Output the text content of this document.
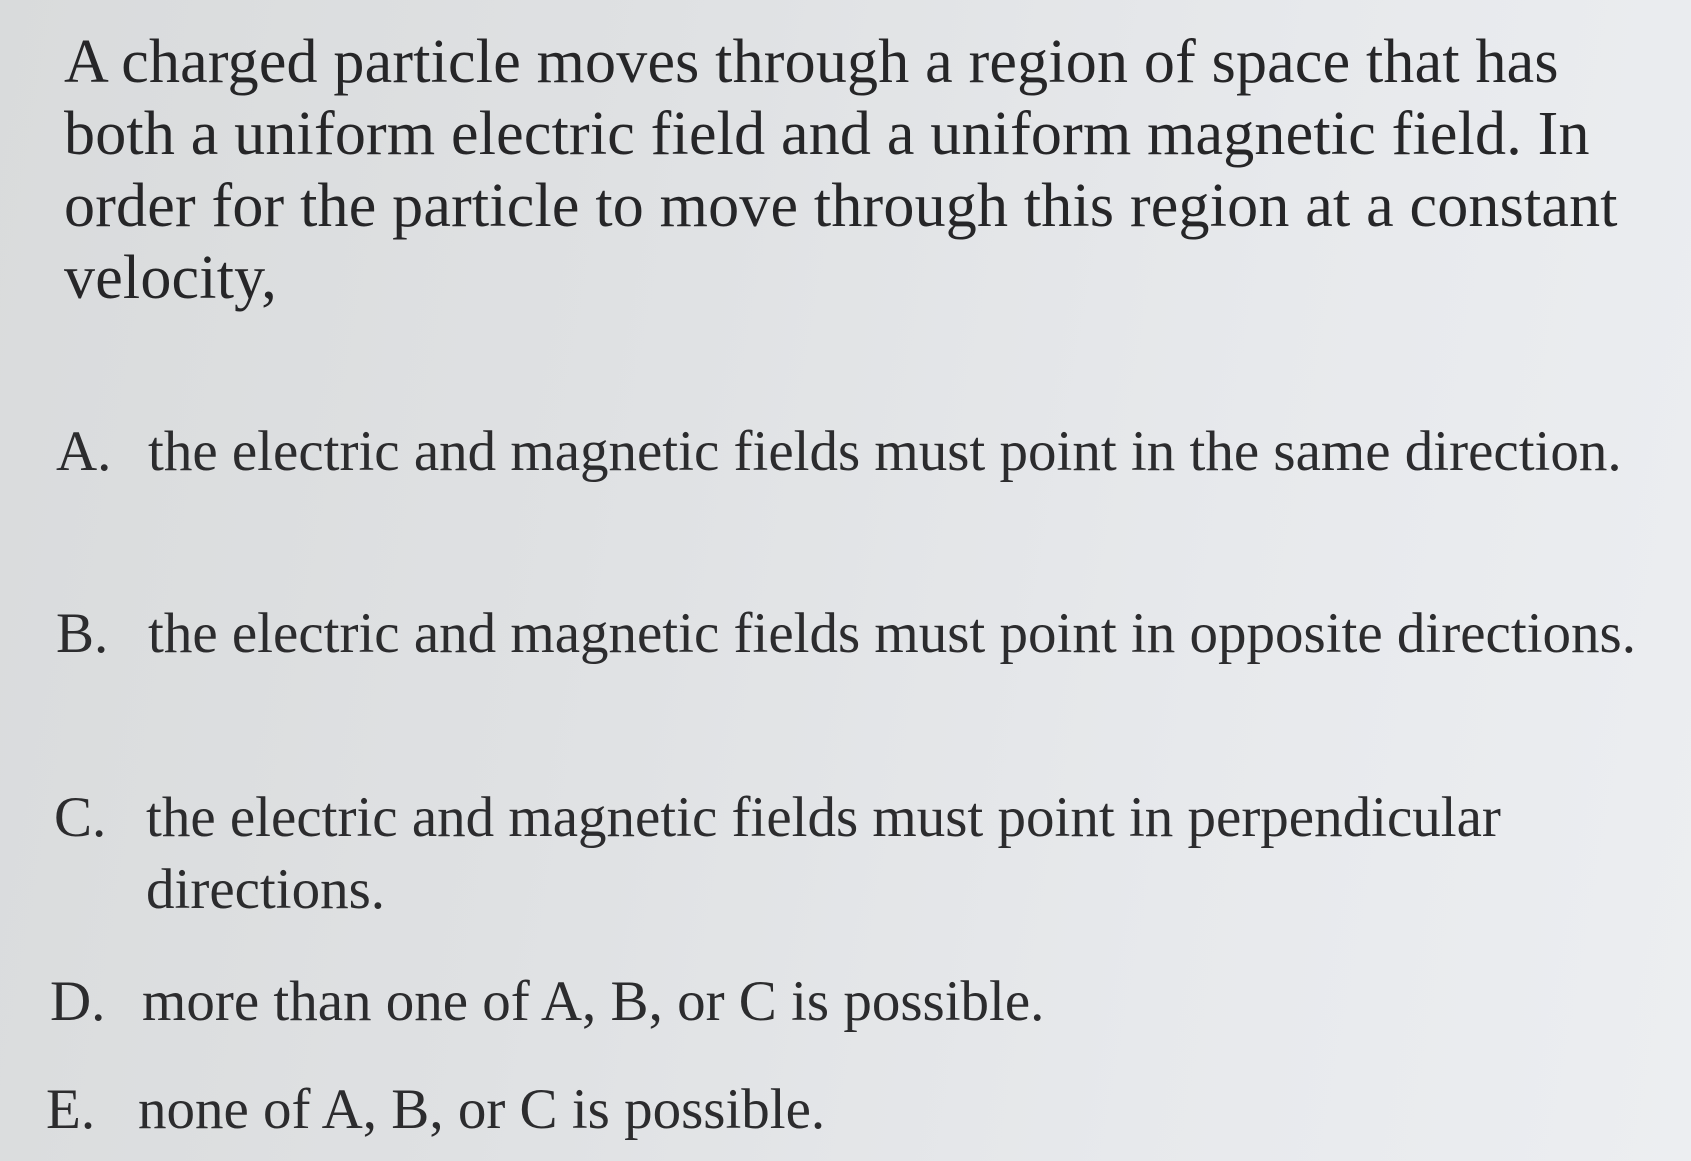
A charged particle moves through a region of space that has both a uniform electric field and a uniform magnetic field. In order for the particle to move through this region at a constant velocity,
A. the electric and magnetic fields must point in the same direction.
B. the electric and magnetic fields must point in opposite directions.
C. the electric and magnetic fields must point in perpendicular directions.
D. more than one of A, B, or C is possible.
E. none of A, B, or C is possible.
